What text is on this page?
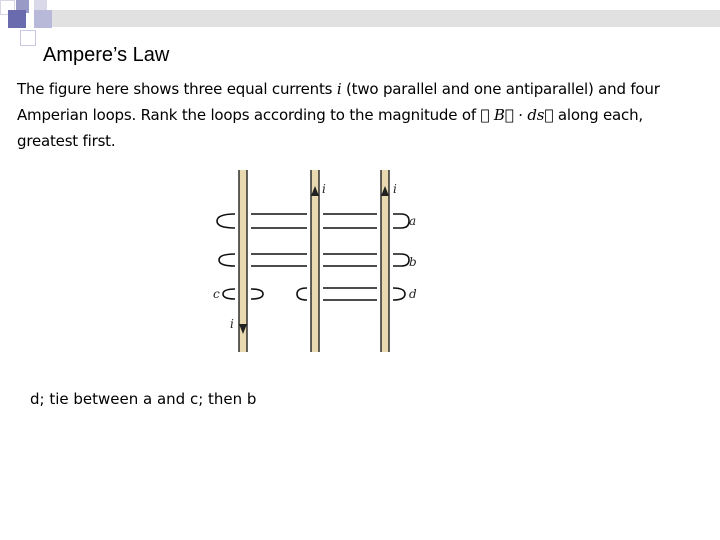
Ampere’s Law
The figure here shows three equal currents i (two parallel and one antiparallel) and four Amperian loops. Rank the loops according to the magnitude of ∮ B⃗ · ds⃗ along each, greatest first.
i	i
i
a
b
c	d
d; tie between a and c; then b
